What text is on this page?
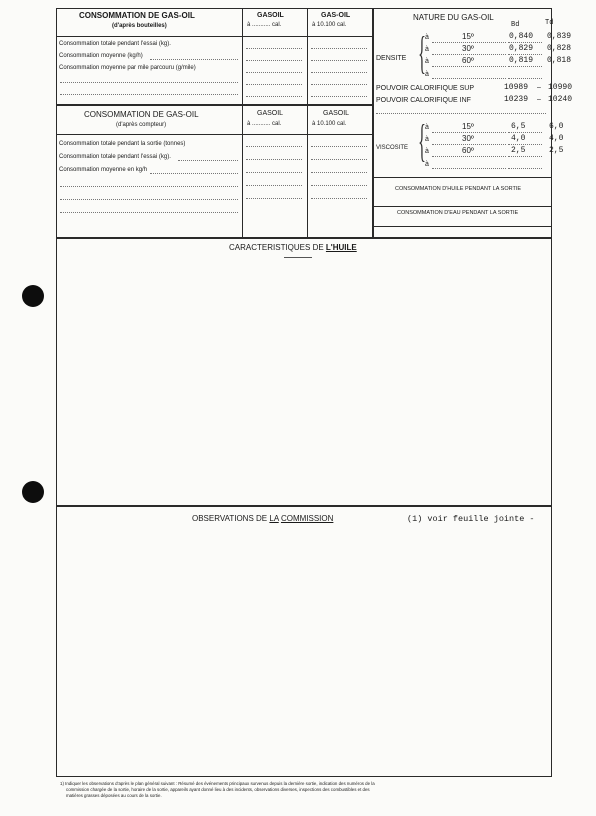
CONSOMMATION DE GAS-OIL
(d'après bouteilles)
GASOIL
à ........... cal.
GAS-OIL
à 10.100 cal.
Consommation totale pendant l'essai (kg).
Consommation moyenne (kg/h)
Consommation moyenne par mile parcouru (g/mile)
CONSOMMATION DE GAS-OIL
(d'après compteur)
GASOIL
à ........... cal.
GASOIL
à 10.100 cal.
Consommation totale pendant la sortie (tonnes)
Consommation totale pendant l'essai (kg).
Consommation moyenne en kg/h
NATURE DU GAS-OIL
Bd	Td
DENSITE { à	15º	0,840 0,839
à	30º	0,829 0,828
à	60º	0,819 0,818
à
POUVOIR CALORIFIQUE SUP	10989 – 10990
POUVOIR CALORIFIQUE INF	10239 – 10240
VISCOSITE { à	15º	6,5	6,0
à	30º	4,0	4,0
à	60º	2,5	2,5
à
CONSOMMATION D'HUILE PENDANT LA SORTIE
CONSOMMATION D'EAU PENDANT LA SORTIE
CARACTERISTIQUES DE L'HUILE
OBSERVATIONS DE LA COMMISSION	(1) voir feuille jointe -
1) Indiquer les observations d'après le plan général suivant : Résumé des événements principaux survenus depuis la dernière sortie, indication des numéros de la
commission chargée de la sortie, horaire de la sortie, appareils ayant donné lieu à des incidents, observations diverses, inspections des combustibles et des
matières grasses déposées au cours de la sortie.
